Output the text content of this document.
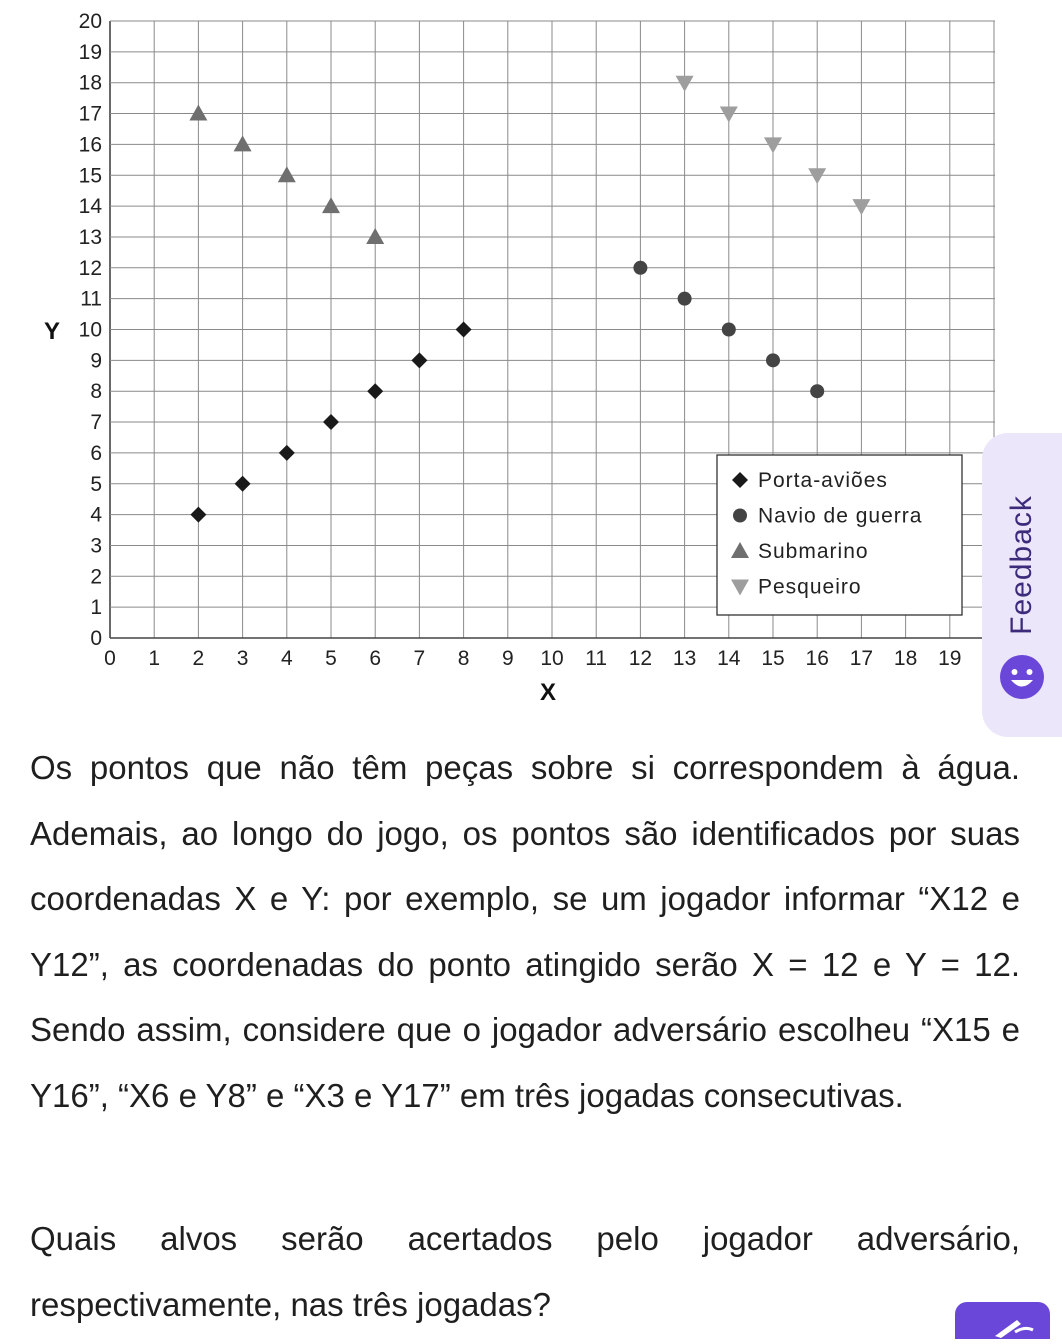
0 1 2 3 4 5 6 7 8 9 10 11 12 13 14 15 16 17 18 19
0
1
2
3
4
5
6
7
8
9
10
11
12
13
14
15
16
17
18
19
20
X
Y
Porta-aviões
Navio de guerra
Submarino
Pesqueiro	Feedback

Os pontos que não têm peças sobre si correspondem à água. Ademais, ao longo do jogo, os pontos são identificados por suas coordenadas X e Y: por exemplo, se um jogador informar “X12 e Y12”, as coordenadas do ponto atingido serão X = 12 e Y = 12. Sendo assim, considere que o jogador adversário escolheu “X15 e Y16”, “X6 e Y8” e “X3 e Y17” em três jogadas consecutivas.

Quais alvos serão acertados pelo jogador adversário, respectivamente, nas três jogadas?
